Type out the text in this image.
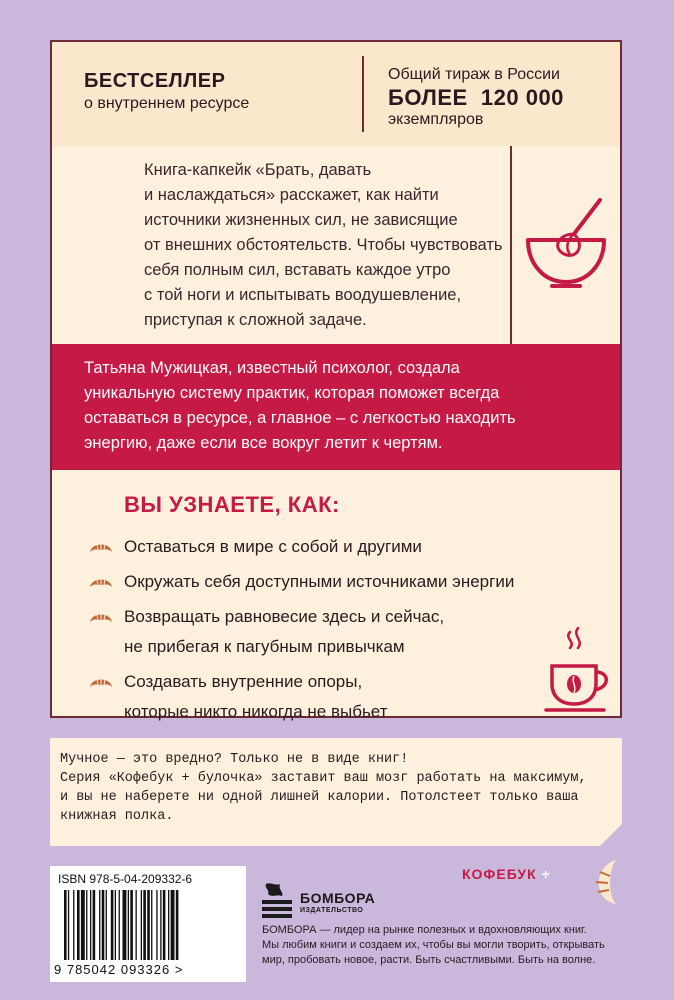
БЕСТСЕЛЛЕР
о внутреннем ресурсе
Общий тираж в России
БОЛЕЕ  120 000
экземпляров
Книга-капкейк «Брать, давать
и наслаждаться» расскажет, как найти
источники жизненных сил, не зависящие
от внешних обстоятельств. Чтобы чувствовать
себя полным сил, вставать каждое утро
с той ноги и испытывать воодушевление,
приступая к сложной задаче.
Татьяна Мужицкая, известный психолог, создала
уникальную систему практик, которая поможет всегда
оставаться в ресурсе, а главное – с легкостью находить
энергию, даже если все вокруг летит к чертям.
ВЫ УЗНАЕТЕ, КАК:
Оставаться в мире с собой и другими
Окружать себя доступными источниками энергии
Возвращать равновесие здесь и сейчас,
не прибегая к пагубным привычкам
Создавать внутренние опоры,
которые никто никогда не выбьет
Мучное — это вредно? Только не в виде книг!
Серия «Кофебук + булочка» заставит ваш мозг работать на максимум,
и вы не наберете ни одной лишней калории. Потолстеет только ваша
книжная полка.
ISBN 978-5-04-209332-6
9 785042 093326 >
БОМБОРА
ИЗДАТЕЛЬСТВО
БОМБОРА — лидер на рынке полезных и вдохновляющих книг.
Мы любим книги и создаем их, чтобы вы могли творить, открывать
мир, пробовать новое, расти. Быть счастливыми. Быть на волне.
КОФЕБУК +
